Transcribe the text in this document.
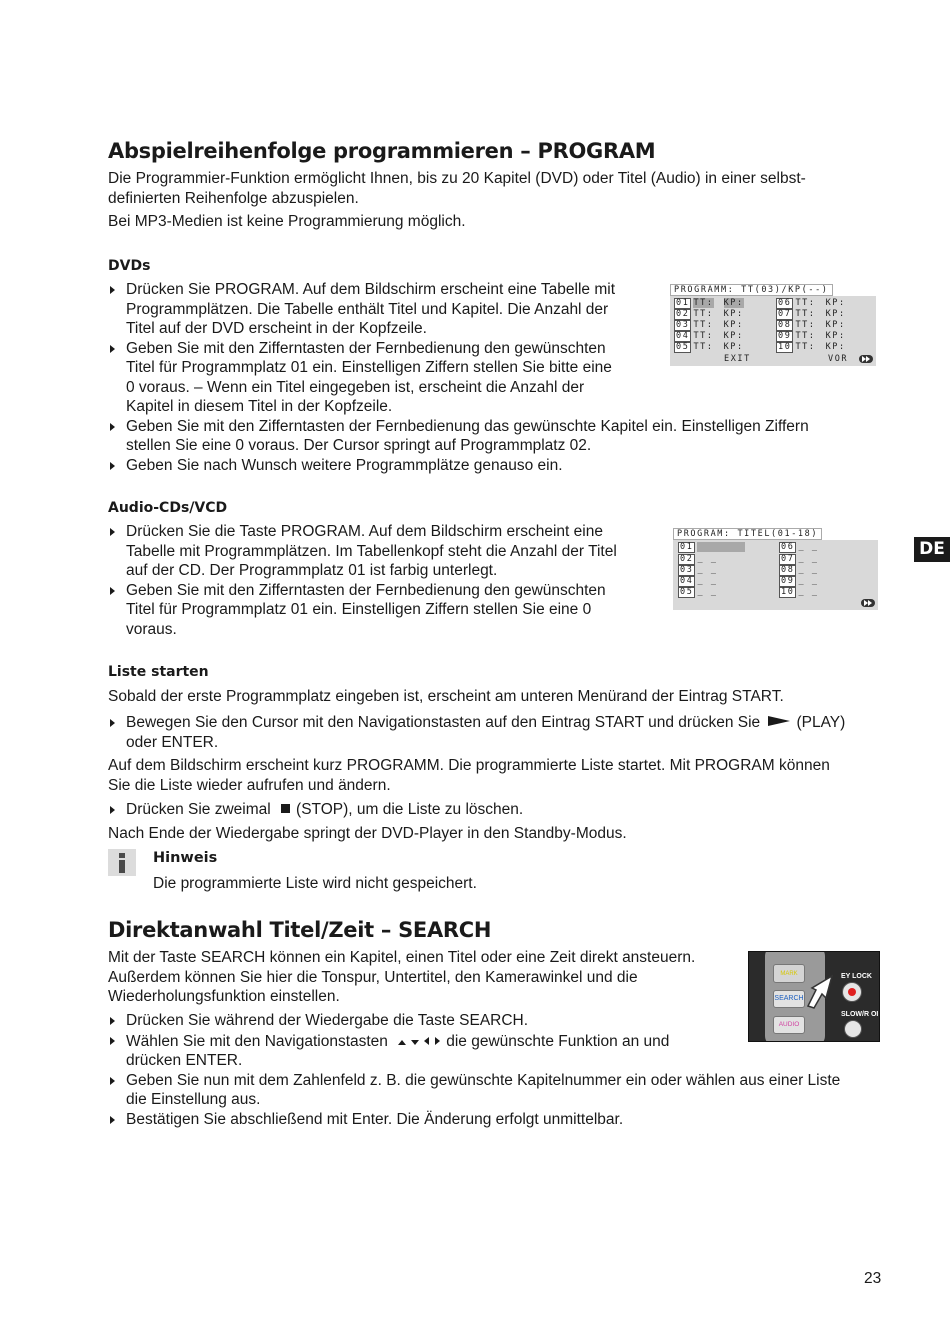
Abspielreihenfolge programmieren – PROGRAM
Die Programmier-Funktion ermöglicht Ihnen, bis zu 20 Kapitel (DVD) oder Titel (Audio) in einer selbst-
definierten Reihenfolge abzuspielen.
Bei MP3-Medien ist keine Programmierung möglich.
DVDs
Drücken Sie PROGRAM. Auf dem Bildschirm erscheint eine Tabelle mit
Programmplätzen. Die Tabelle enthält Titel und Kapitel. Die Anzahl der
Titel auf der DVD erscheint in der Kopfzeile.
Geben Sie mit den Zifferntasten der Fernbedienung den gewünschten
Titel für Programmplatz 01 ein. Einstelligen Ziffern stellen Sie bitte eine
0 voraus. – Wenn ein Titel eingegeben ist, erscheint die Anzahl der
Kapitel in diesem Titel in der Kopfzeile.
Geben Sie mit den Zifferntasten der Fernbedienung das gewünschte Kapitel ein. Einstelligen Ziffern
stellen Sie eine 0 voraus. Der Cursor springt auf Programmplatz 02.
Geben Sie nach Wunsch weitere Programmplätze genauso ein.
PROGRAMM: TT(03)/KP(--)
01 TT: KP:
02 TT: KP:
03 TT: KP:
04 TT: KP:
05 TT: KP:
06 TT: KP:
07 TT: KP:
08 TT: KP:
09 TT: KP:
10 TT: KP:
EXIT	VOR
Audio-CDs/VCD
Drücken Sie die Taste PROGRAM. Auf dem Bildschirm erscheint eine
Tabelle mit Programmplätzen. Im Tabellenkopf steht die Anzahl der Titel
auf der CD. Der Programmplatz 01 ist farbig unterlegt.
Geben Sie mit den Zifferntasten der Fernbedienung den gewünschten
Titel für Programmplatz 01 ein. Einstelligen Ziffern stellen Sie eine 0
voraus.
PROGRAM: TITEL(01-18)
01

02 _ _
03 _ _
04 _ _
05 _ _
06 _ _
07 _ _
08 _ _
09 _ _
10 _ _
DE
Liste starten
Sobald der erste Programmplatz eingeben ist, erscheint am unteren Menürand der Eintrag START.
Bewegen Sie den Cursor mit den Navigationstasten auf den Eintrag START und drücken Sie (PLAY)
oder ENTER.
Auf dem Bildschirm erscheint kurz PROGRAMM. Die programmierte Liste startet. Mit PROGRAM können
Sie die Liste wieder aufrufen und ändern.
Drücken Sie zweimal (STOP), um die Liste zu löschen.
Nach Ende der Wiedergabe springt der DVD-Player in den Standby-Modus.
Hinweis
Die programmierte Liste wird nicht gespeichert.
Direktanwahl Titel/Zeit – SEARCH
Mit der Taste SEARCH können ein Kapitel, einen Titel oder eine Zeit direkt ansteuern.
Außerdem können Sie hier die Tonspur, Untertitel, den Kamerawinkel und die
Wiederholungsfunktion einstellen.
Drücken Sie während der Wiedergabe die Taste SEARCH.
Wählen Sie mit den Navigationstasten	die gewünschte Funktion an und
drücken ENTER.
Geben Sie nun mit dem Zahlenfeld z. B. die gewünschte Kapitelnummer ein oder wählen aus einer Liste
die Einstellung aus.
Bestätigen Sie abschließend mit Enter. Die Änderung erfolgt unmittelbar.
MARK
SEARCH
AUDIO
EY LOCK
SLOW/R OI
23
